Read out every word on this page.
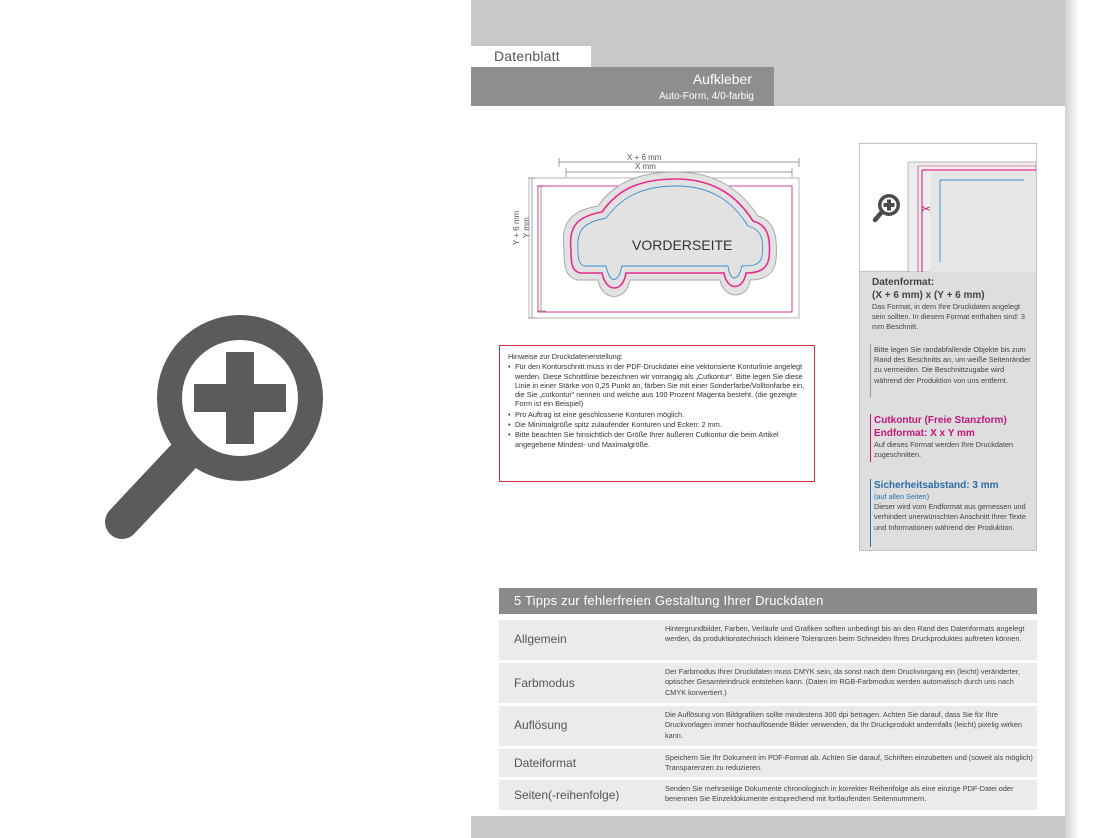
Datenblatt
Aufkleber
Auto-Form, 4/0-farbig
X + 6 mm
X mm
Y + 6 mm Y mm
VORDERSEITE
Hinweise zur Druckdatenerstellung:
• Für den Konturschnitt muss in der PDF-Druckdatei eine vektorisierte Konturlinie angelegt werden. Diese Schnittlinie bezeichnen wir vorrangig als „Cutkontur“. Bitte legen Sie diese Linie in einer Stärke von 0,25 Punkt an, färben Sie mit einer Sonderfarbe/Volltonfarbe ein, die Sie „cutkontur“ nennen und welche aus 100 Prozent Magenta besteht. (die gezeigte Form ist ein Beispiel)
• Pro Auftrag ist eine geschlossene Konturen möglich.
• Die Minimalgröße spitz zulaufender Konturen und Ecken: 2 mm.
• Bitte beachten Sie hinsichtlich der Größe Ihrer äußeren Cutkontur die beim Artikel angegebene Mindest- und Maximalgröße.
✂
Datenformat:
(X + 6 mm) x (Y + 6 mm)
Das Format, in dem Ihre Druckdaten angelegt sein sollten. In diesem Format enthalten sind: 3 mm Beschnitt.
Bitte legen Sie randabfallende Objekte bis zum Rand des Beschnitts an, um weiße Seitenränder zu vermeiden. Die Beschnittzugabe wird während der Produktion von uns entfernt.
Cutkontur (Freie Stanzform)
Endformat: X x Y mm
Auf dieses Format werden Ihre Druckdaten zugeschnitten.
Sicherheitsabstand: 3 mm
(auf allen Seiten)
Dieser wird vom Endformat aus gemessen und verhindert unerwünschten Anschnitt Ihrer Texte und Informationen während der Produktion.
5 Tipps zur fehlerfreien Gestaltung Ihrer Druckdaten
Allgemein
Hintergrundbilder, Farben, Verläufe und Grafiken sollten unbedingt bis an den Rand des Datenformats angelegt werden, da produktionstechnisch kleinere Toleranzen beim Schneiden Ihres Druckproduktes auftreten können.
Farbmodus
Der Farbmodus Ihrer Druckdaten muss CMYK sein, da sonst nach dem Druckvorgang ein (leicht) veränderter, optischer Gesamteindruck entstehen kann. (Daten im RGB-Farbmodus werden automatisch durch uns nach CMYK konvertiert.)
Auflösung
Die Auflösung von Bildgrafiken sollte mindestens 300 dpi betragen. Achten Sie darauf, dass Sie für Ihre Druckvorlagen immer hochauflösende Bilder verwenden, da Ihr Druckprodukt andernfalls (leicht) pixelig wirken kann.
Dateiformat	Speichern Sie Ihr Dokument im PDF-Format ab. Achten Sie darauf, Schriften einzubetten und (soweit als möglich) Transparenzen zu reduzieren.
Seiten(-reihenfolge)	Senden Sie mehrseitige Dokumente chronologisch in korrekter Reihenfolge als eine einzige PDF-Datei oder benennen Sie Einzeldokumente entsprechend mit fortlaufenden Seitennummern.
